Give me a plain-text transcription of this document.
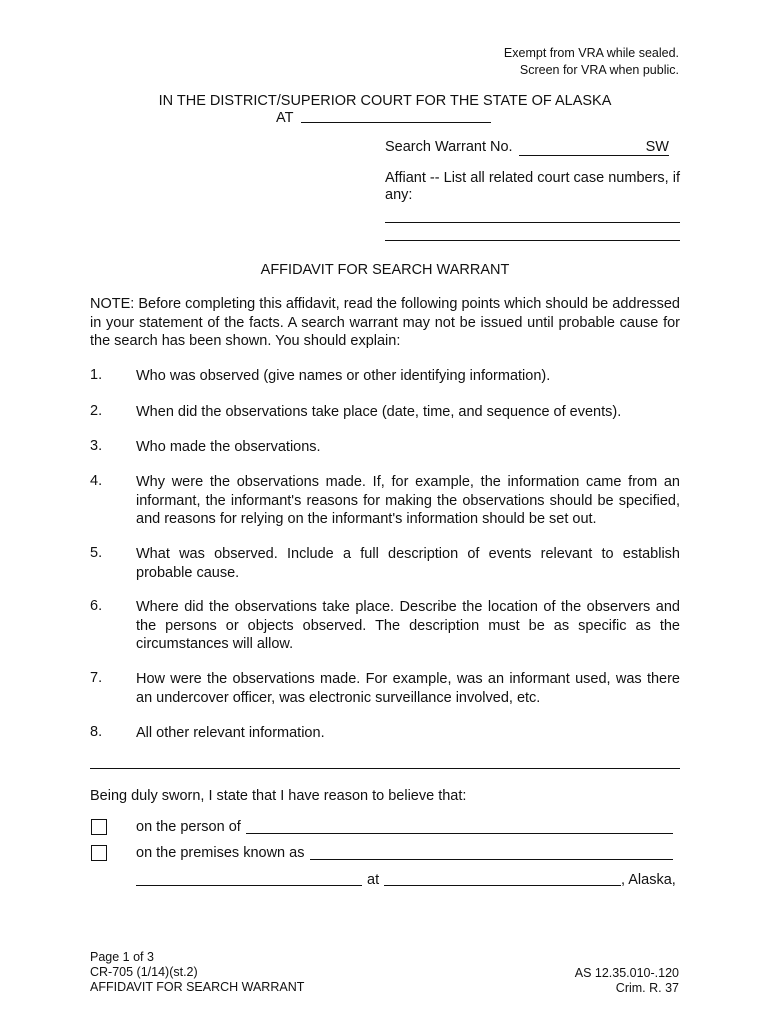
Exempt from VRA while sealed.
Screen for VRA when public.
IN THE DISTRICT/SUPERIOR COURT FOR THE STATE OF ALASKA
AT
Search Warrant No.	SW
Affiant -- List all related court case numbers, if any:
AFFIDAVIT FOR SEARCH WARRANT
NOTE: Before completing this affidavit, read the following points which should be addressed in your statement of the facts. A search warrant may not be issued until probable cause for the search has been shown. You should explain:
1. Who was observed (give names or other identifying information).
2. When did the observations take place (date, time, and sequence of events).
3. Who made the observations.
4. Why were the observations made. If, for example, the information came from an informant, the informant's reasons for making the observations should be specified, and reasons for relying on the informant's information should be set out.
5. What was observed. Include a full description of events relevant to establish probable cause.
6. Where did the observations take place. Describe the location of the observers and the persons or objects observed. The description must be as specific as the circumstances will allow.
7. How were the observations made. For example, was an informant used, was there an undercover officer, was electronic surveillance involved, etc.
8. All other relevant information.
Being duly sworn, I state that I have reason to believe that:
on the person of
on the premises known as
at	, Alaska,
Page 1 of 3
CR-705 (1/14)(st.2)
AFFIDAVIT FOR SEARCH WARRANT
AS 12.35.010-.120
Crim. R. 37
